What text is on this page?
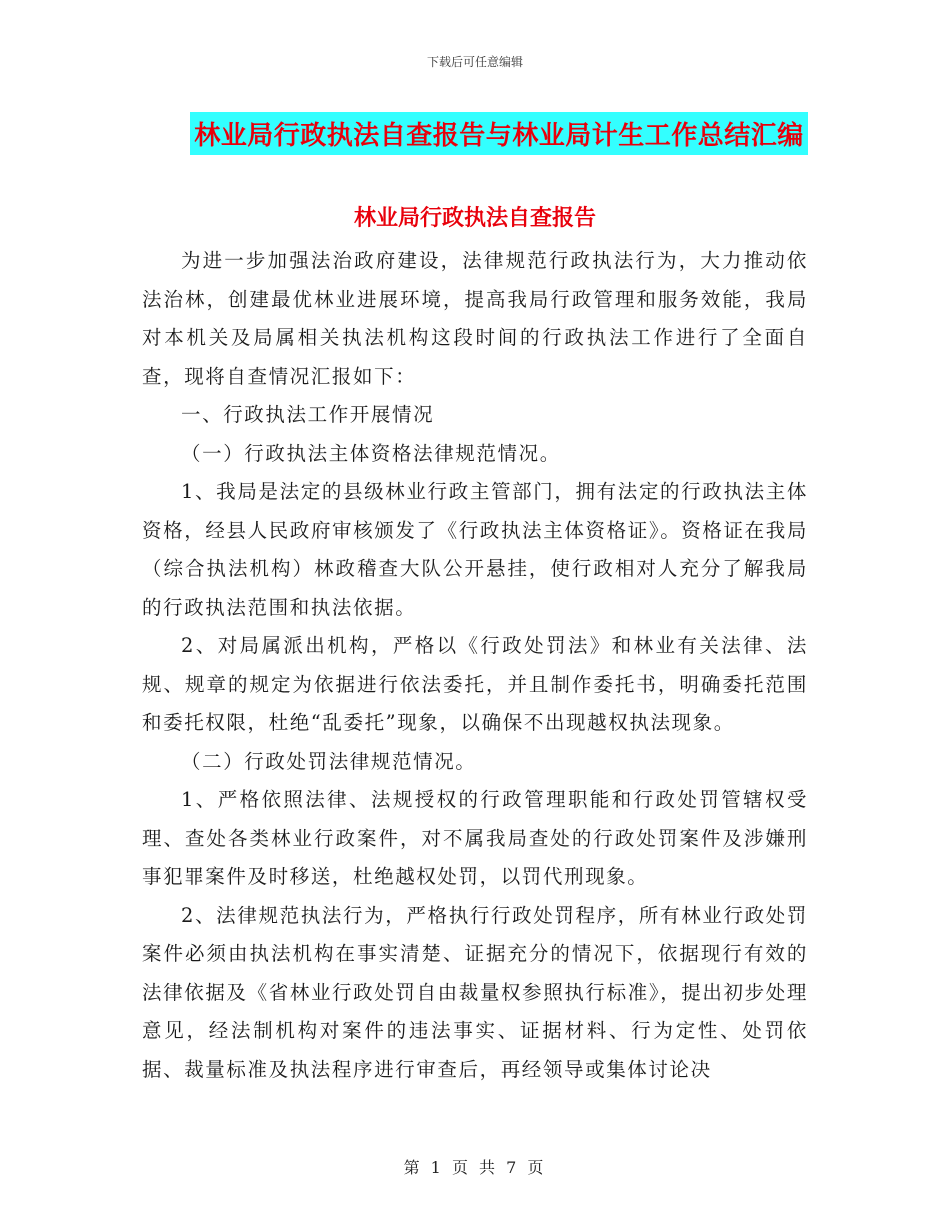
下载后可任意编辑
林业局行政执法自查报告与林业局计生工作总结汇编
林业局行政执法自查报告

为进一步加强法治政府建设，法律规范行政执法行为，大力推动依法治林，创建最优林业进展环境，提高我局行政管理和服务效能，我局对本机关及局属相关执法机构这段时间的行政执法工作进行了全面自查，现将自查情况汇报如下：

一、行政执法工作开展情况

（一）行政执法主体资格法律规范情况。

1、我局是法定的县级林业行政主管部门，拥有法定的行政执法主体资格，经县人民政府审核颁发了《行政执法主体资格证》。资格证在我局（综合执法机构）林政稽查大队公开悬挂，使行政相对人充分了解我局的行政执法范围和执法依据。

2、对局属派出机构，严格以《行政处罚法》和林业有关法律、法规、规章的规定为依据进行依法委托，并且制作委托书，明确委托范围和委托权限，杜绝“乱委托”现象，以确保不出现越权执法现象。

（二）行政处罚法律规范情况。

1、严格依照法律、法规授权的行政管理职能和行政处罚管辖权受理、查处各类林业行政案件，对不属我局查处的行政处罚案件及涉嫌刑事犯罪案件及时移送，杜绝越权处罚，以罚代刑现象。

2、法律规范执法行为，严格执行行政处罚程序，所有林业行政处罚案件必须由执法机构在事实清楚、证据充分的情况下，依据现行有效的法律依据及《省林业行政处罚自由裁量权参照执行标准》，提出初步处理意见，经法制机构对案件的违法事实、证据材料、行为定性、处罚依据、裁量标准及执法程序进行审查后，再经领导或集体讨论决

第 1 页 共 7 页
